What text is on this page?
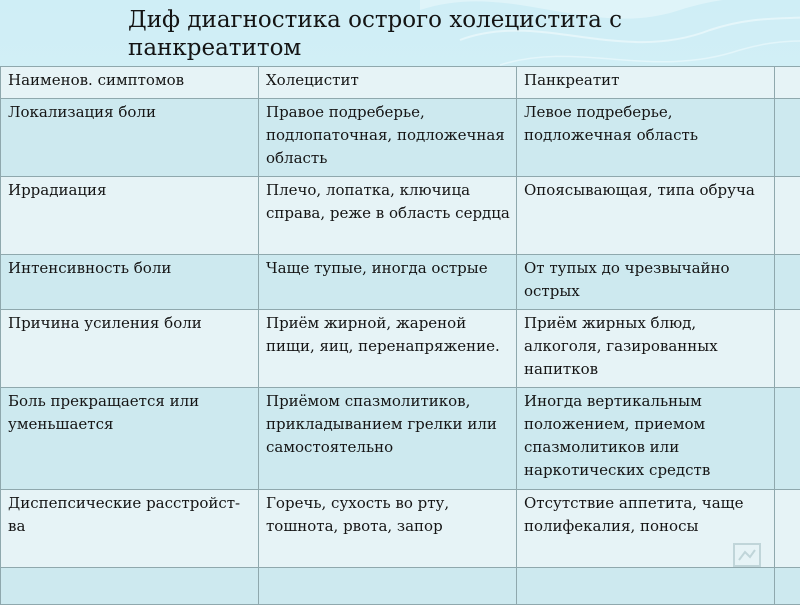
Диф диагностика острого холецистита с панкреатитом
Наименов. симптомов	Холецистит	Панкреатит	
Локализация боли	Правое подреберье, подлопаточная, подложечная область	Левое подреберье, подложечная область	
Иррадиация	Плечо, лопатка, ключица справа, реже в область сердца	Опоясывающая, типа обруча	
Интенсивность боли	Чаще тупые, иногда острые	От тупых до чрезвычайно острых	
Причина усиления боли	Приём жирной, жареной пищи, яиц, перенапряжение.	Приём жирных блюд, алкоголя, газированных напитков	
Боль прекращается или уменьшается	Приёмом спазмолитиков, прикладыванием грелки или самостоятельно	Иногда вертикальным положением, приемом спазмолитиков или наркотических средств	
Диспепсические расстройст-ва	Горечь, сухость во рту, тошнота, рвота, запор	Отсутствие аппетита, чаще полифекалия, поносы	
